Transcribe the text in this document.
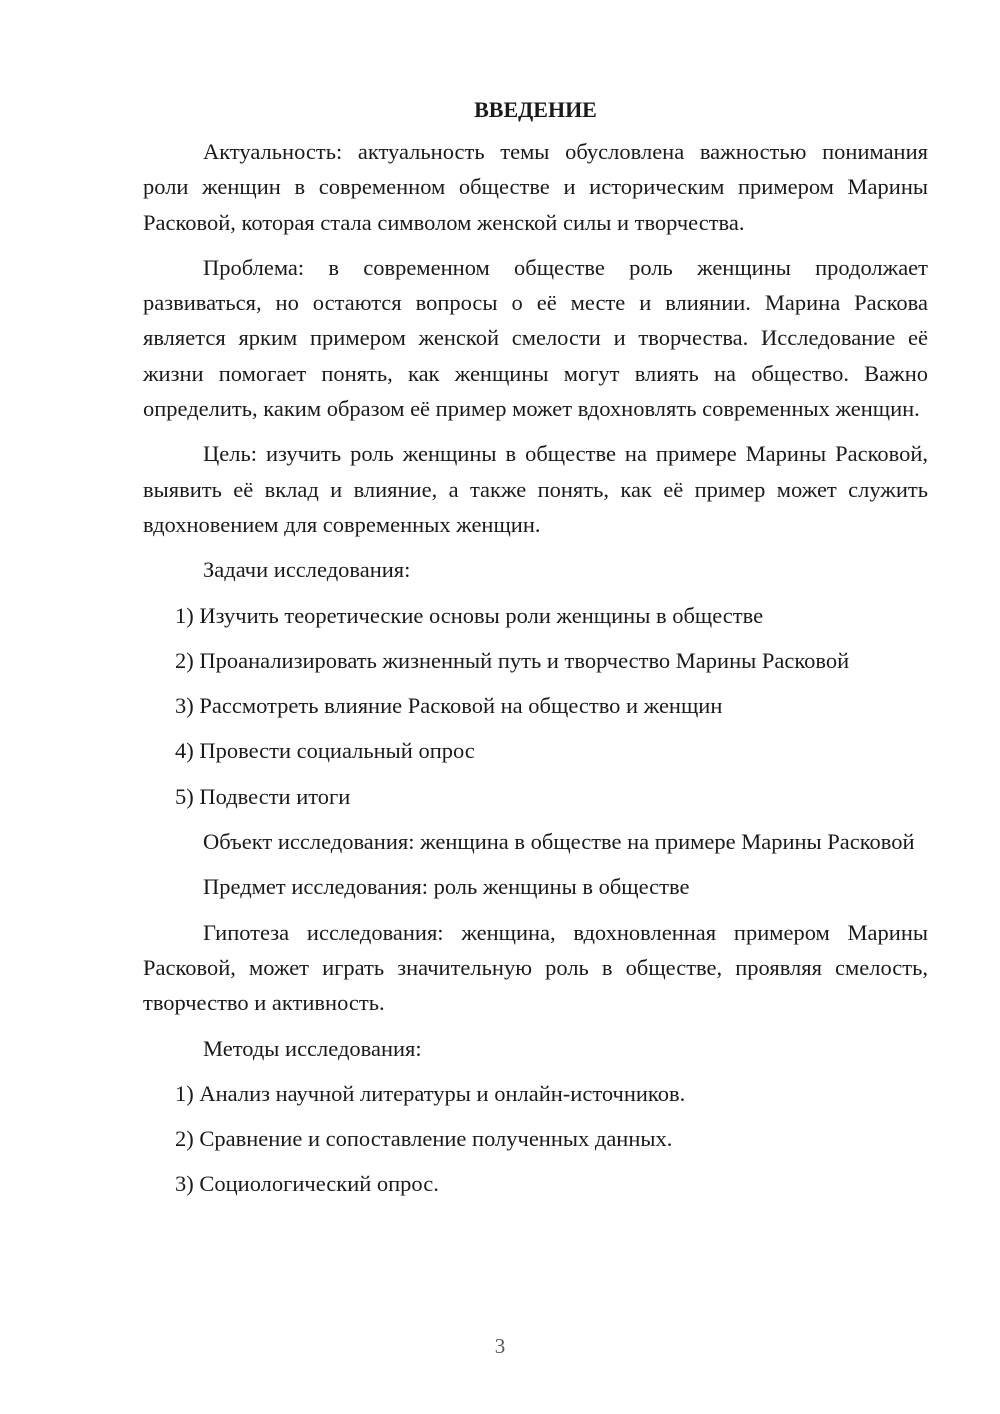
ВВЕДЕНИЕ

Актуальность: актуальность темы обусловлена важностью понимания роли женщин в современном обществе и историческим примером Марины Расковой, которая стала символом женской силы и творчества.

Проблема: в современном обществе роль женщины продолжает развиваться, но остаются вопросы о её месте и влиянии. Марина Раскова является ярким примером женской смелости и творчества. Исследование её жизни помогает понять, как женщины могут влиять на общество. Важно определить, каким образом её пример может вдохновлять современных женщин.

Цель: изучить роль женщины в обществе на примере Марины Расковой, выявить её вклад и влияние, а также понять, как её пример может служить вдохновением для современных женщин.

Задачи исследования:

1) Изучить теоретические основы роли женщины в обществе
2) Проанализировать жизненный путь и творчество Марины Расковой
3) Рассмотреть влияние Расковой на общество и женщин
4) Провести социальный опрос
5) Подвести итоги

Объект исследования: женщина в обществе на примере Марины Расковой

Предмет исследования: роль женщины в обществе

Гипотеза исследования: женщина, вдохновленная примером Марины Расковой, может играть значительную роль в обществе, проявляя смелость, творчество и активность.

Методы исследования:

1) Анализ научной литературы и онлайн-источников.
2) Сравнение и сопоставление полученных данных.
3) Социологический опрос.
3
